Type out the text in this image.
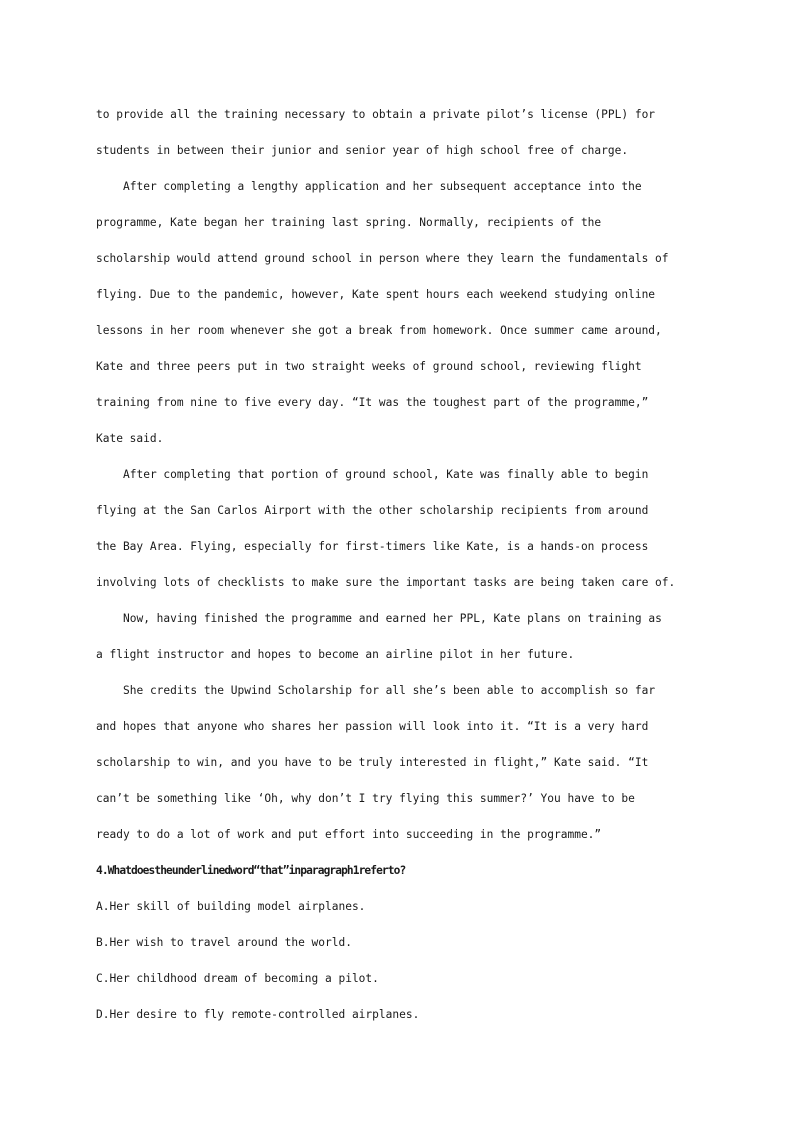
to provide all the training necessary to obtain a private pilot’s license (PPL) for
students in between their junior and senior year of high school free of charge.
After completing a lengthy application and her subsequent acceptance into the
programme, Kate began her training last spring. Normally, recipients of the
scholarship would attend ground school in person where they learn the fundamentals of
flying. Due to the pandemic, however, Kate spent hours each weekend studying online
lessons in her room whenever she got a break from homework. Once summer came around,
Kate and three peers put in two straight weeks of ground school, reviewing flight
training from nine to five every day. “It was the toughest part of the programme,”
Kate said.
After completing that portion of ground school, Kate was finally able to begin
flying at the San Carlos Airport with the other scholarship recipients from around
the Bay Area. Flying, especially for first-timers like Kate, is a hands-on process
involving lots of checklists to make sure the important tasks are being taken care of.
Now, having finished the programme and earned her PPL, Kate plans on training as
a flight instructor and hopes to become an airline pilot in her future.
She credits the Upwind Scholarship for all she’s been able to accomplish so far
and hopes that anyone who shares her passion will look into it. “It is a very hard
scholarship to win, and you have to be truly interested in flight,” Kate said. “It
can’t be something like ‘Oh, why don’t I try flying this summer?’ You have to be
ready to do a lot of work and put effort into succeeding in the programme.”
4.Whatdoestheunderlinedword“that”inparagraph1referto?
A.Her skill of building model airplanes.
B.Her wish to travel around the world.
C.Her childhood dream of becoming a pilot.
D.Her desire to fly remote-controlled airplanes.
